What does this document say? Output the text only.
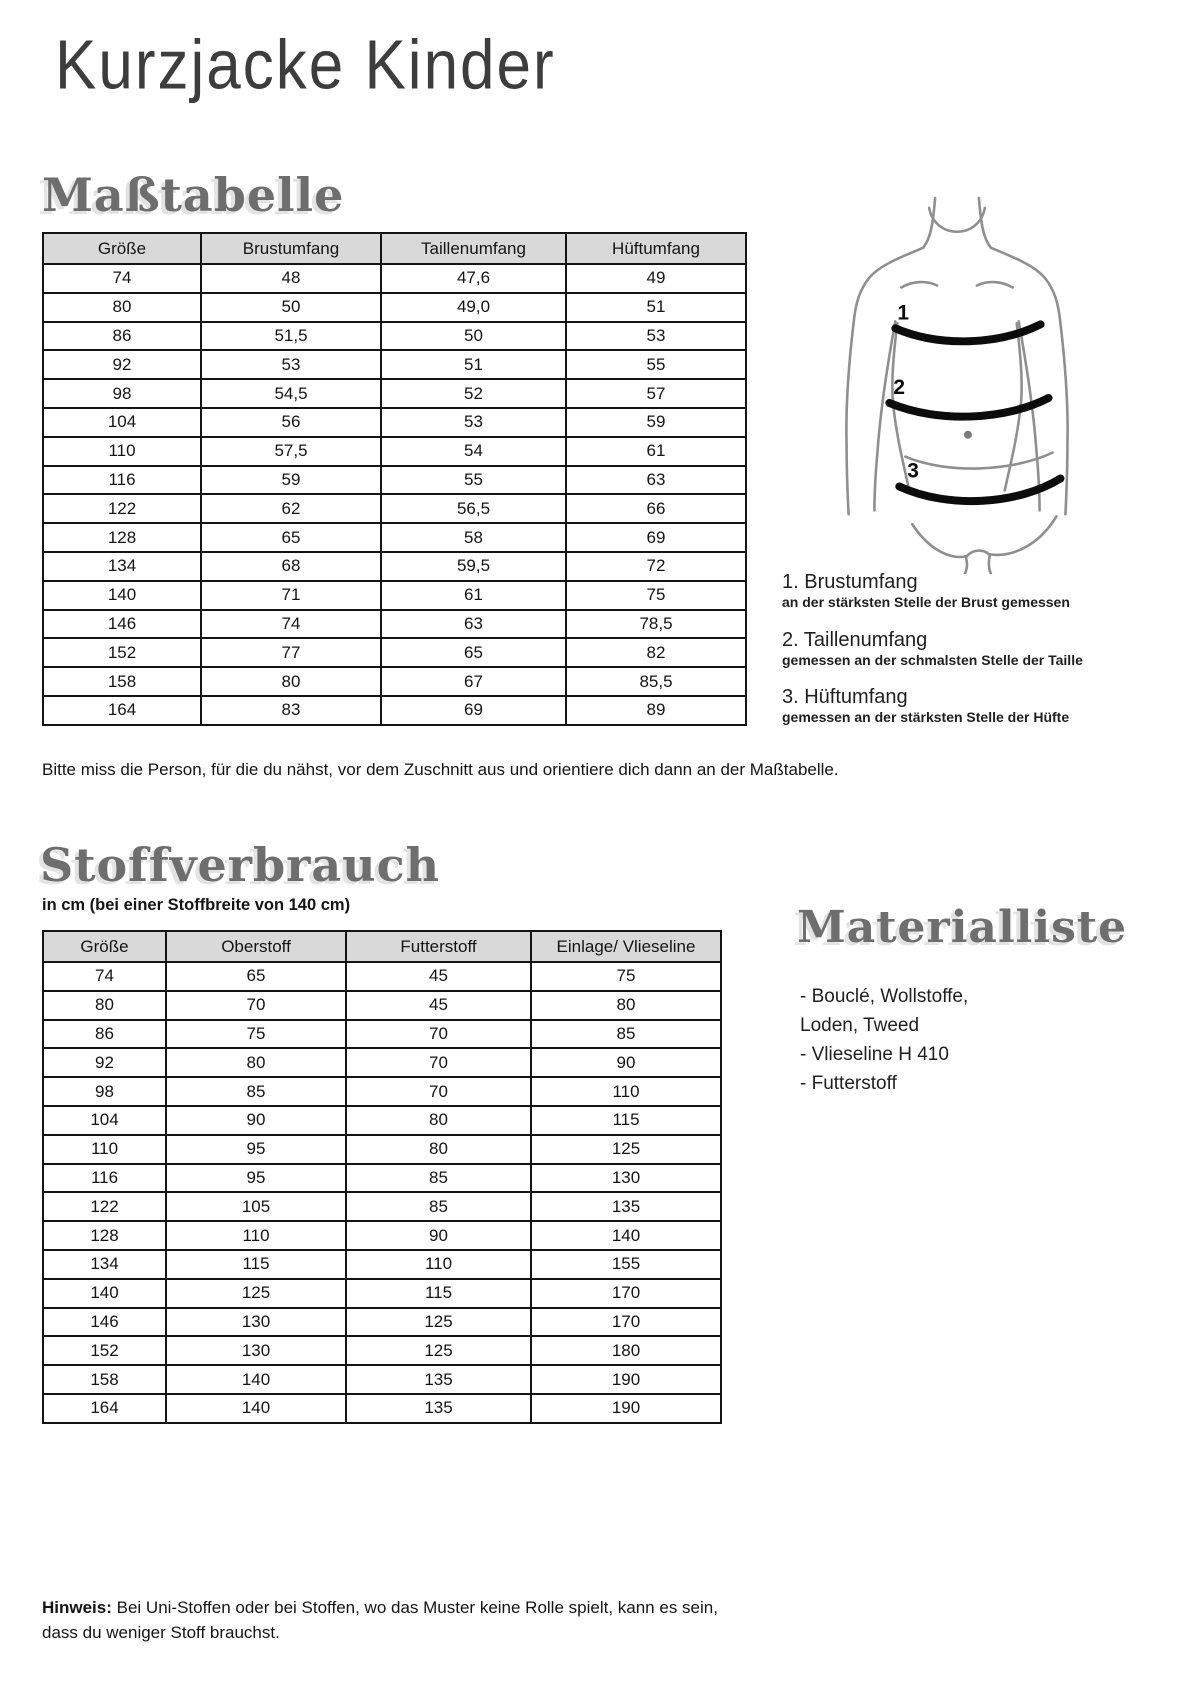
Kurzjacke Kinder
Maßtabelle
Größe	Brustumfang	Taillenumfang	Hüftumfang
74	48	47,6	49
80	50	49,0	51
86	51,5	50	53
92	53	51	55
98	54,5	52	57
104	56	53	59
110	57,5	54	61
116	59	55	63
122	62	56,5	66
128	65	58	69
134	68	59,5	72
140	71	61	75
146	74	63	78,5
152	77	65	82
158	80	67	85,5
164	83	69	89
1
2
3
1. Brustumfang
an der stärksten Stelle der Brust gemessen
2. Taillenumfang
gemessen an der schmalsten Stelle der Taille
3. Hüftumfang
gemessen an der stärksten Stelle der Hüfte
Bitte miss die Person, für die du nähst, vor dem Zuschnitt aus und orientiere dich dann an der Maßtabelle.
Stoffverbrauch
in cm (bei einer Stoffbreite von 140 cm)
Größe	Oberstoff	Futterstoff	Einlage/ Vlieseline
74	65	45	75
80	70	45	80
86	75	70	85
92	80	70	90
98	85	70	110
104	90	80	115
110	95	80	125
116	95	85	130
122	105	85	135
128	110	90	140
134	115	110	155
140	125	115	170
146	130	125	170
152	130	125	180
158	140	135	190
164	140	135	190
Materialliste
- Bouclé, Wollstoffe,
Loden, Tweed
- Vlieseline H 410
- Futterstoff
Hinweis: Bei Uni-Stoffen oder bei Stoffen, wo das Muster keine Rolle spielt, kann es sein, dass du weniger Stoff brauchst.
